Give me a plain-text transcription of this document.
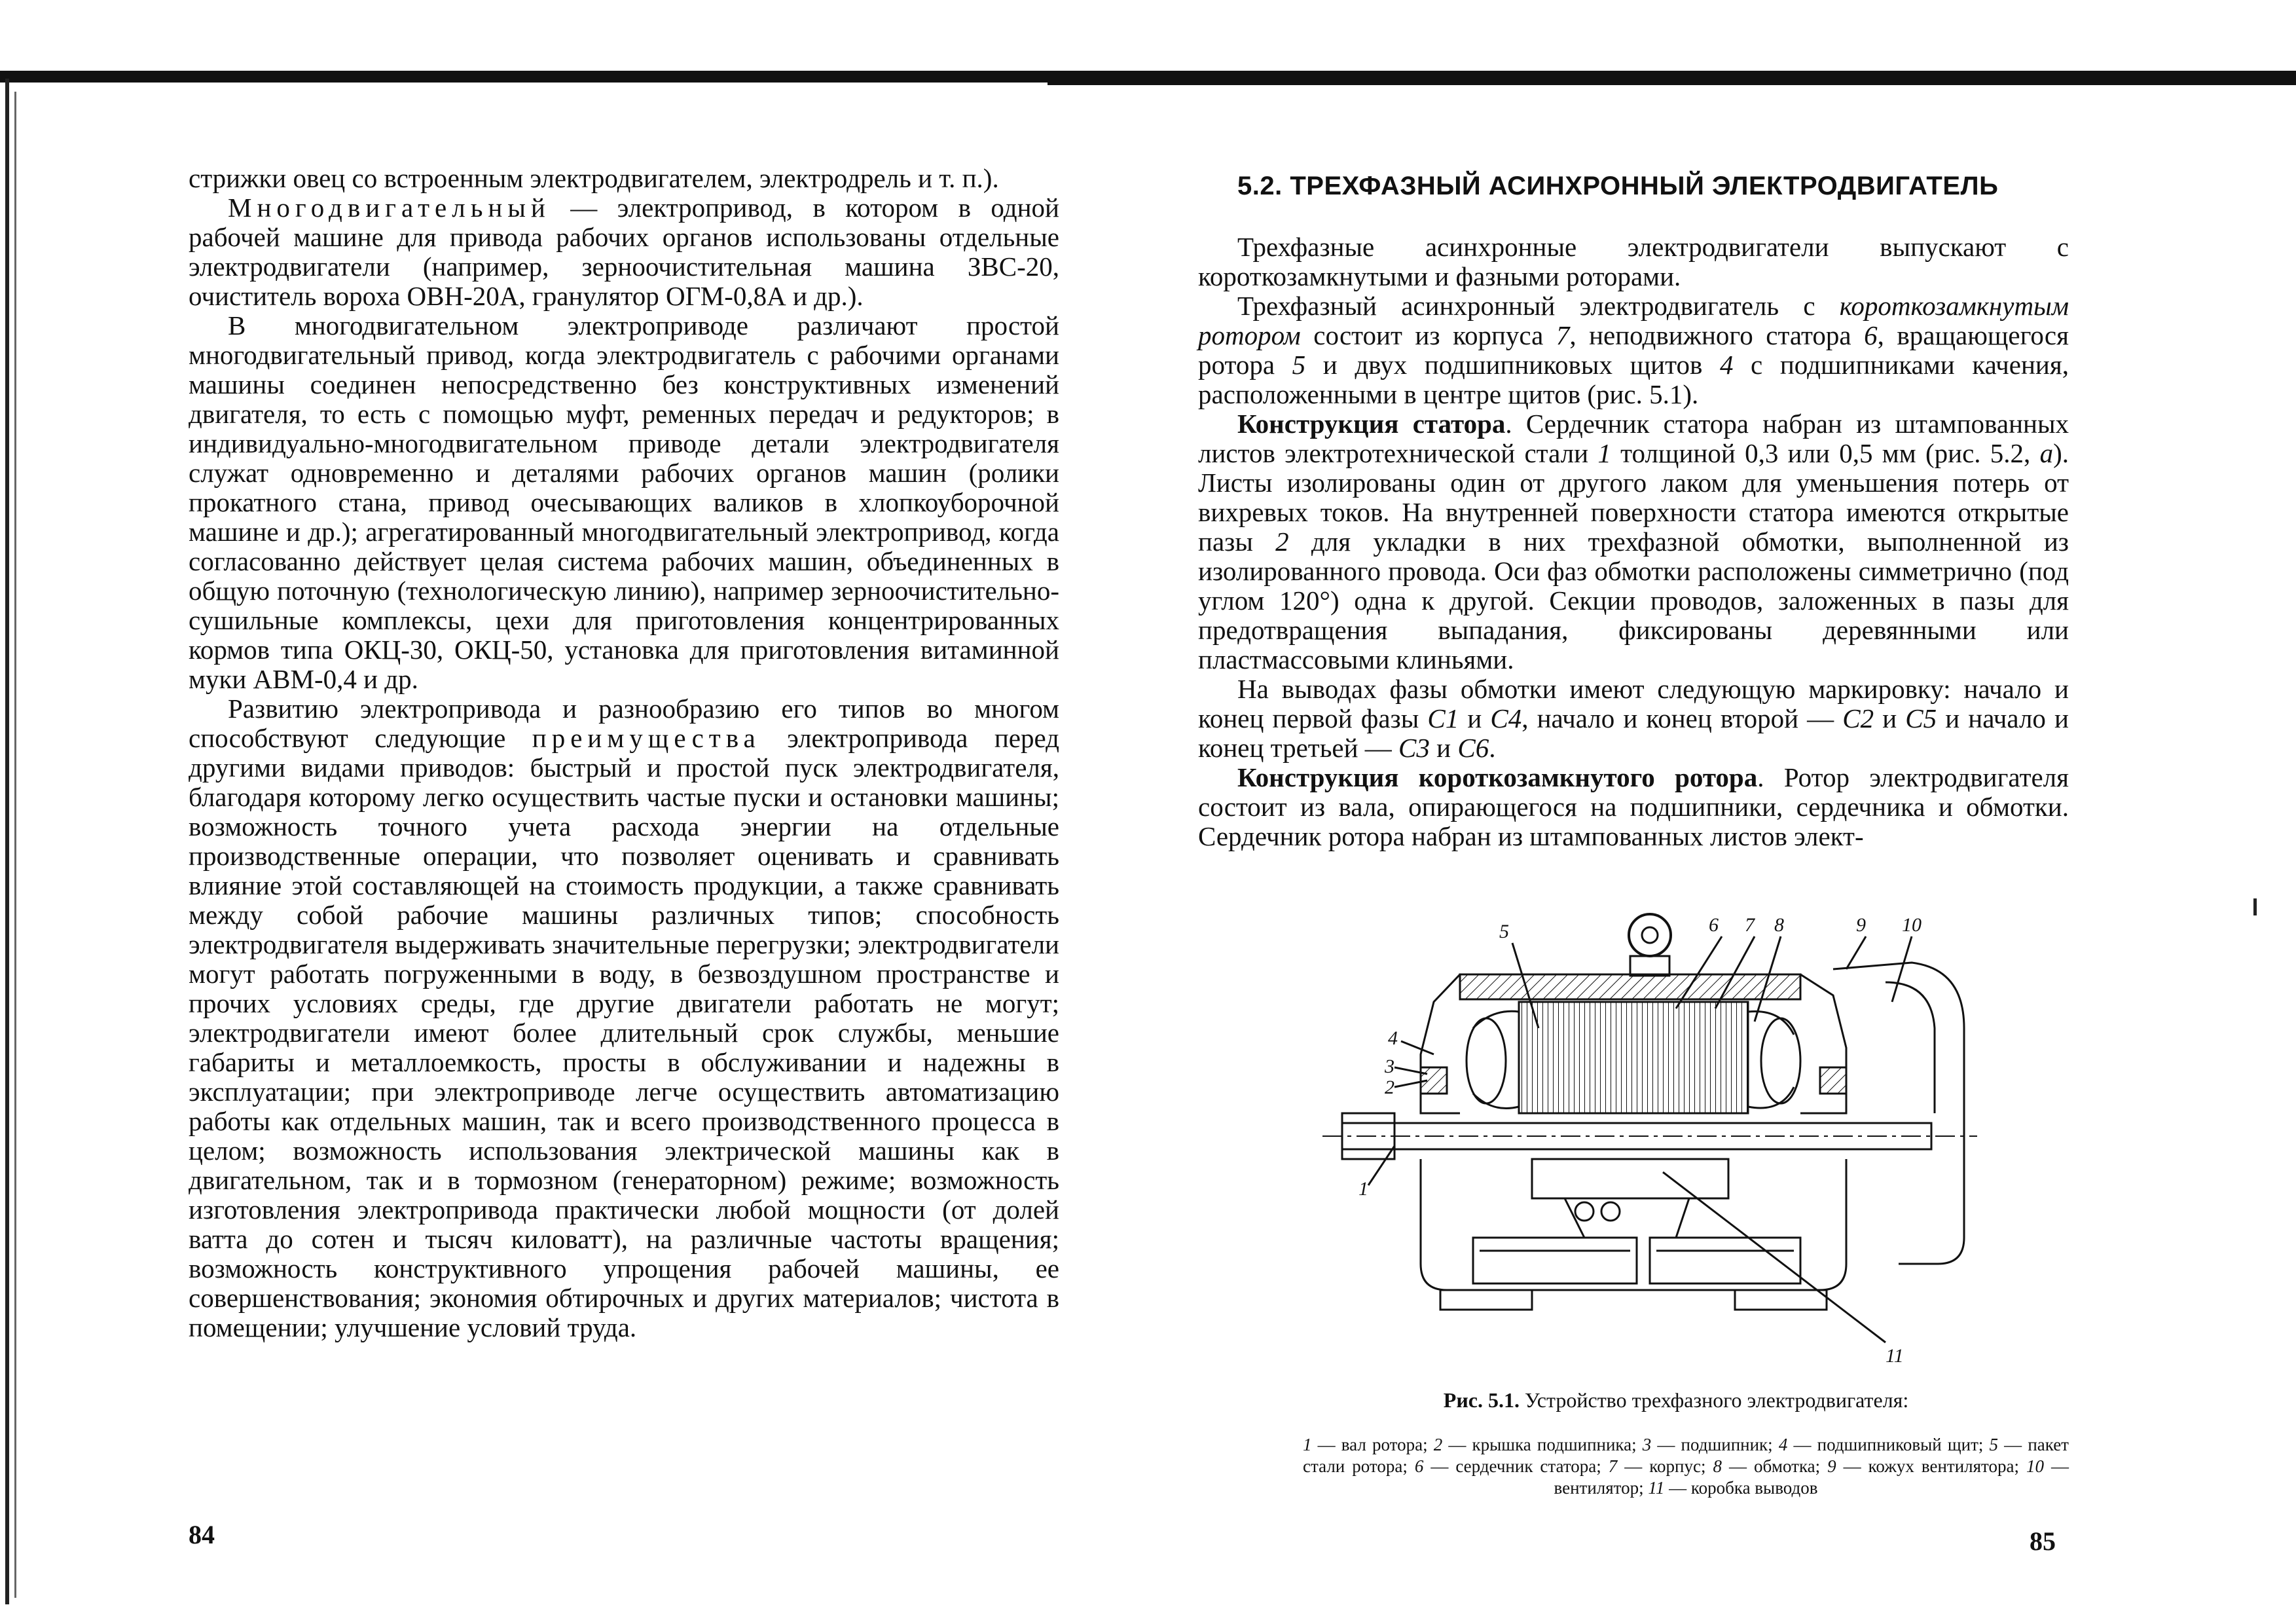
стрижки овец со встроенным электродвигателем, электродрель и т. п.).

Многодвигательный — электропривод, в котором в одной рабочей машине для привода рабочих органов использованы отдельные электродвигатели (например, зерноочистительная машина ЗВС-20, очиститель вороха ОВН-20А, гранулятор ОГМ-0,8А и др.).

В многодвигательном электроприводе различают простой многодвигательный привод, когда электродвигатель с рабочими органами машины соединен непосредственно без конструктивных изменений двигателя, то есть с помощью муфт, ременных передач и редукторов; в индивидуально-многодвигательном приводе детали электродвигателя служат одновременно и деталями рабочих органов машин (ролики прокатного стана, привод очесывающих валиков в хлопкоуборочной машине и др.); агрегатированный многодвигательный электропривод, когда согласованно действует целая система рабочих машин, объединенных в общую поточную (технологическую линию), например зерноочистительно-сушильные комплексы, цехи для приготовления концентрированных кормов типа ОКЦ-30, ОКЦ-50, установка для приготовления витаминной муки АВМ-0,4 и др.

Развитию электропривода и разнообразию его типов во многом способствуют следующие преимущества электропривода перед другими видами приводов: быстрый и простой пуск электродвигателя, благодаря которому легко осуществить частые пуски и остановки машины; возможность точного учета расхода энергии на отдельные производственные операции, что позволяет оценивать и сравнивать влияние этой составляющей на стоимость продукции, а также сравнивать между собой рабочие машины различных типов; способность электродвигателя выдерживать значительные перегрузки; электродвигатели могут работать погруженными в воду, в безвоздушном пространстве и прочих условиях среды, где другие двигатели работать не могут; электродвигатели имеют более длительный срок службы, меньшие габариты и металлоемкость, просты в обслуживании и надежны в эксплуатации; при электроприводе легче осуществить автоматизацию работы как отдельных машин, так и всего производственного процесса в целом; возможность использования электрической машины как в двигательном, так и в тормозном (генераторном) режиме; возможность изготовления электропривода практически любой мощности (от долей ватта до сотен и тысяч киловатт), на различные частоты вращения; возможность конструктивного упрощения рабочей машины, ее совершенствования; экономия обтирочных и других материалов; чистота в помещении; улучшение условий труда.

84
5.2. ТРЕХФАЗНЫЙ АСИНХРОННЫЙ ЭЛЕКТРОДВИГАТЕЛЬ

Трехфазные асинхронные электродвигатели выпускают с короткозамкнутыми и фазными роторами.

Трехфазный асинхронный электродвигатель с короткозамкнутым ротором состоит из корпуса 7, неподвижного статора 6, вращающегося ротора 5 и двух подшипниковых щитов 4 с подшипниками качения, расположенными в центре щитов (рис. 5.1).

Конструкция статора. Сердечник статора набран из штампованных листов электротехнической стали 1 толщиной 0,3 или 0,5 мм (рис. 5.2, а). Листы изолированы один от другого лаком для уменьшения потерь от вихревых токов. На внутренней поверхности статора имеются открытые пазы 2 для укладки в них трехфазной обмотки, выполненной из изолированного провода. Оси фаз обмотки расположены симметрично (под углом 120°) одна к другой. Секции проводов, заложенных в пазы для предотвращения выпадания, фиксированы деревянными или пластмассовыми клиньями.

На выводах фазы обмотки имеют следующую маркировку: начало и конец первой фазы С1 и С4, начало и конец второй — С2 и С5 и начало и конец третьей — С3 и С6.

Конструкция короткозамкнутого ротора. Ротор электродвигателя состоит из вала, опирающегося на подшипники, сердечника и обмотки. Сердечник ротора набран из штампованных листов элект-

1
2
3
4
5	6 7 8	9 10
11
Рис. 5.1. Устройство трехфазного электродвигателя:
1 — вал ротора; 2 — крышка подшипника; 3 — подшипник; 4 — подшипниковый щит; 5 — пакет стали ротора; 6 — сердечник статора; 7 — корпус; 8 — обмотка; 9 — кожух вентилятора; 10 — вентилятор; 11 — коробка выводов
85
